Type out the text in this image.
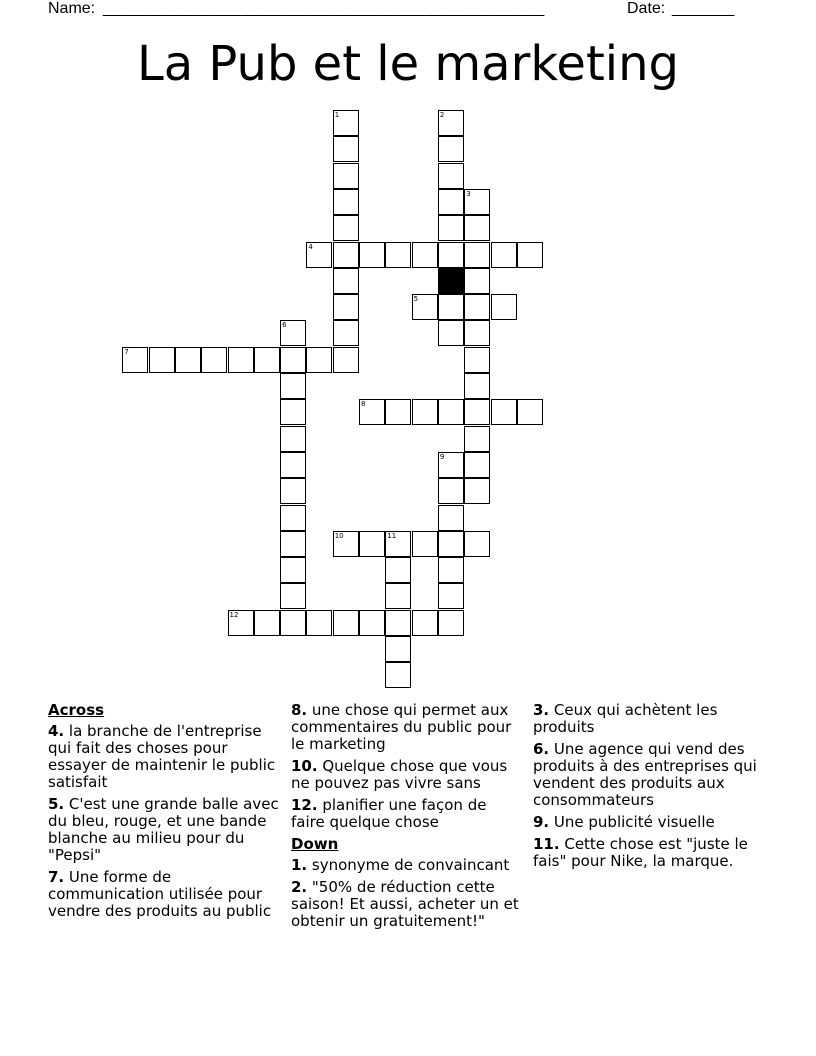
Name: ________________________________________________	Date: _______
La Pub et le marketing
1	2
3
4
5
6
7
8
9
10	11
12
Across
4. la branche de l'entreprise qui fait des choses pour essayer de maintenir le public satisfait
5. C'est une grande balle avec du bleu, rouge, et une bande blanche au milieu pour du "Pepsi"
7. Une forme de communication utilisée pour vendre des produits au public
8. une chose qui permet aux commentaires du public pour le marketing
10. Quelque chose que vous ne pouvez pas vivre sans
12. planifier une façon de faire quelque chose
Down
1. synonyme de convaincant
2. "50% de réduction cette saison! Et aussi, acheter un et obtenir un gratuitement!"
3. Ceux qui achètent les produits
6. Une agence qui vend des produits à des entreprises qui vendent des produits aux consommateurs
9. Une publicité visuelle
11. Cette chose est "juste le fais" pour Nike, la marque.
